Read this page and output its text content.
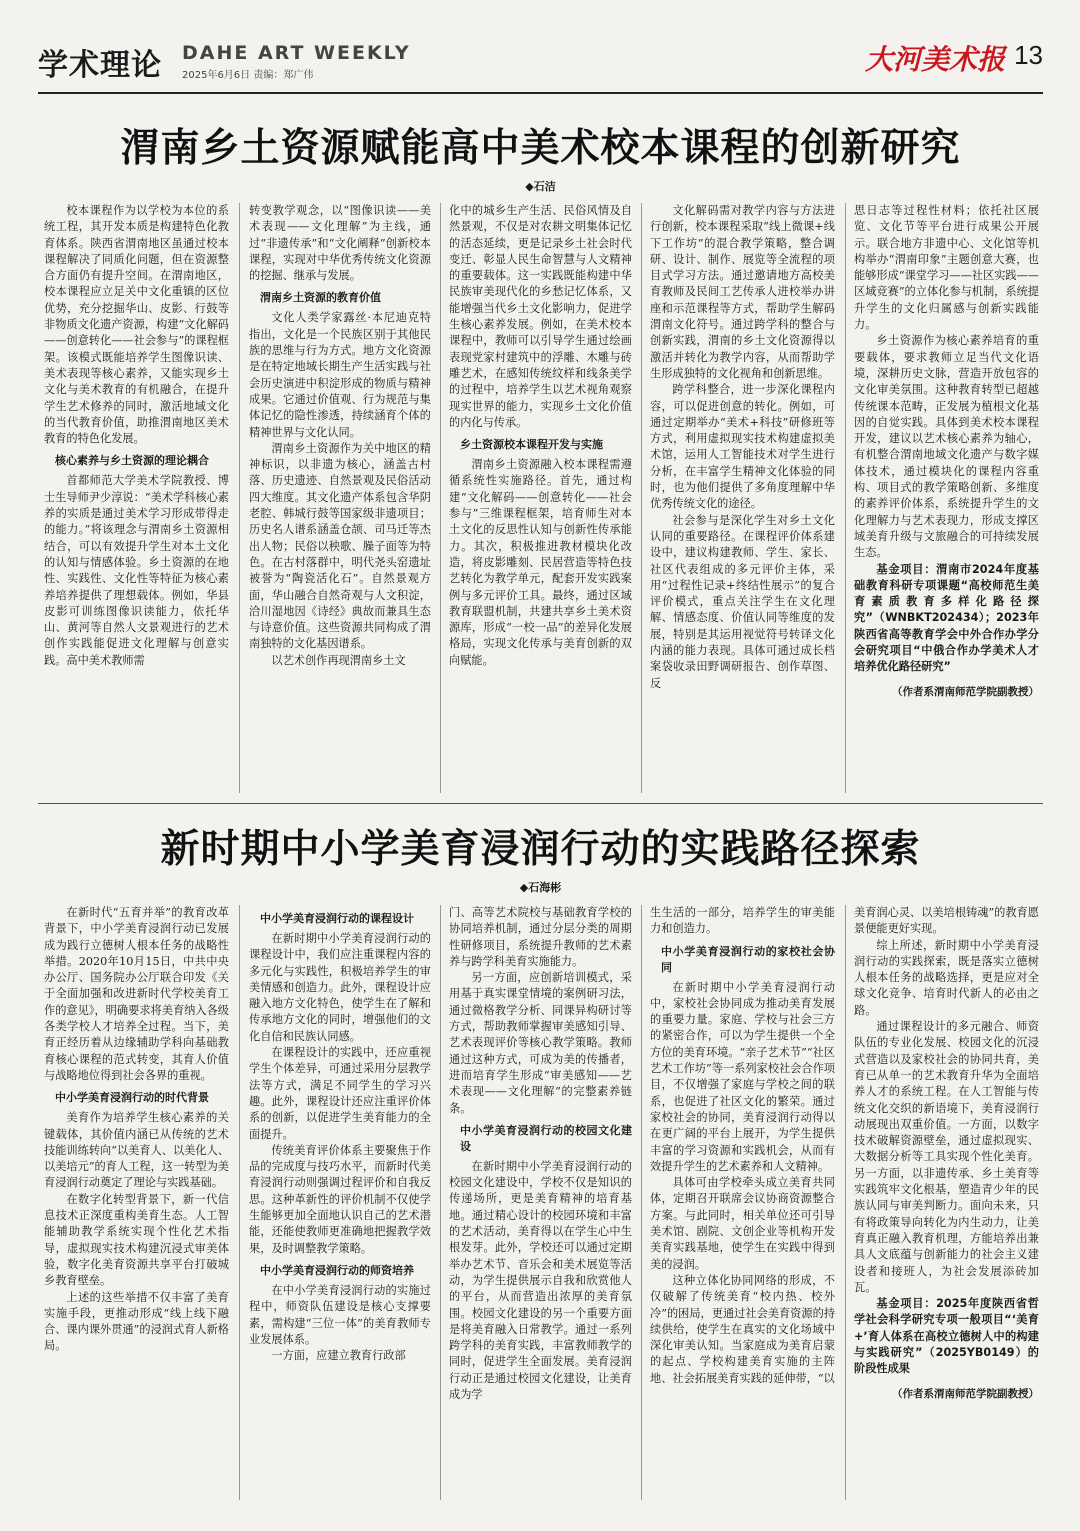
学术理论 DAHE ART WEEKLY
2025年6月6日 责编：郑广伟	大河美术报 13
渭南乡土资源赋能高中美术校本课程的创新研究
◆石洁

校本课程作为以学校为本位的系统工程，其开发本质是构建特色化教育体系。陕西省渭南地区虽通过校本课程解决了同质化问题，但在资源整合方面仍有提升空间。在渭南地区，校本课程应立足关中文化重镇的区位优势，充分挖掘华山、皮影、行鼓等非物质文化遗产资源，构建“文化解码——创意转化——社会参与”的课程框架。该模式既能培养学生图像识读、美术表现等核心素养，又能实现乡土文化与美术教育的有机融合，在提升学生艺术修养的同时，激活地域文化的当代教育价值，助推渭南地区美术教育的特色化发展。

核心素养与乡土资源的理论耦合

首都师范大学美术学院教授、博士生导师尹少淳说：“美术学科核心素养的实质是通过美术学习形成带得走的能力。”将该理念与渭南乡土资源相结合，可以有效提升学生对本土文化的认知与情感体验。乡土资源的在地性、实践性、文化性等特征为核心素养培养提供了理想载体。例如，华县皮影可训练图像识读能力，依托华山、黄河等自然人文景观进行的艺术创作实践能促进文化理解与创意实践。高中美术教师需

转变教学观念，以“图像识读——美术表现——文化理解”为主线，通过“非遗传承”和“文化阐释”创新校本课程，实现对中华优秀传统文化资源的挖掘、继承与发展。

渭南乡土资源的教育价值

文化人类学家露丝·本尼迪克特指出，文化是一个民族区别于其他民族的思维与行为方式。地方文化资源是在特定地域长期生产生活实践与社会历史演进中积淀形成的物质与精神成果。它通过价值观、行为规范与集体记忆的隐性渗透，持续涵育个体的精神世界与文化认同。

渭南乡土资源作为关中地区的精神标识，以非遗为核心，涵盖古村落、历史遗迹、自然景观及民俗活动四大维度。其文化遗产体系包含华阴老腔、韩城行鼓等国家级非遗项目；历史名人谱系涵盖仓颉、司马迁等杰出人物；民俗以秧歌、臊子面等为特色。在古村落群中，明代尧头窑遗址被誉为“陶瓷活化石”。自然景观方面，华山融合自然奇观与人文积淀，洽川湿地因《诗经》典故而兼具生态与诗意价值。这些资源共同构成了渭南独特的文化基因谱系。

以艺术创作再现渭南乡土文

化中的城乡生产生活、民俗风情及自然景观，不仅是对农耕文明集体记忆的活态延续，更是记录乡土社会时代变迁、彰显人民生命智慧与人文精神的重要载体。这一实践既能构建中华民族审美现代化的乡愁记忆体系，又能增强当代乡土文化影响力，促进学生核心素养发展。例如，在美术校本课程中，教师可以引导学生通过绘画表现党家村建筑中的浮雕、木雕与砖雕艺术，在感知传统纹样和线条美学的过程中，培养学生以艺术视角观察现实世界的能力，实现乡土文化价值的内化与传承。

乡土资源校本课程开发与实施

渭南乡土资源融入校本课程需遵循系统性实施路径。首先，通过构建“文化解码——创意转化——社会参与”三维课程框架，培育师生对本土文化的反思性认知与创新性传承能力。其次，积极推进教材模块化改造，将皮影雕刻、民居营造等特色技艺转化为教学单元，配套开发实践案例与多元评价工具。最终，通过区域教育联盟机制，共建共享乡土美术资源库，形成“一校一品”的差异化发展格局，实现文化传承与美育创新的双向赋能。

文化解码需对教学内容与方法进行创新，校本课程采取“线上微课+线下工作坊”的混合教学策略，整合调研、设计、制作、展览等全流程的项目式学习方法。通过邀请地方高校美育教师及民间工艺传承人进校举办讲座和示范课程等方式，帮助学生解码渭南文化符号。通过跨学科的整合与创新实践，渭南的乡土文化资源得以激活并转化为教学内容，从而帮助学生形成独特的文化视角和创新思维。

跨学科整合，进一步深化课程内容，可以促进创意的转化。例如，可通过定期举办“美术+科技”研修班等方式，利用虚拟现实技术构建虚拟美术馆，运用人工智能技术对学生进行分析，在丰富学生精神文化体验的同时，也为他们提供了多角度理解中华优秀传统文化的途径。

社会参与是深化学生对乡土文化认同的重要路径。在课程评价体系建设中，建议构建教师、学生、家长、社区代表组成的多元评价主体，采用“过程性记录+终结性展示”的复合评价模式，重点关注学生在文化理解、情感态度、价值认同等维度的发展，特别是其运用视觉符号转译文化内涵的能力表现。具体可通过成长档案袋收录田野调研报告、创作草图、反

思日志等过程性材料；依托社区展览、文化节等平台进行成果公开展示。联合地方非遗中心、文化馆等机构举办“渭南印象”主题创意大赛，也能够形成“课堂学习——社区实践——区域竞赛”的立体化参与机制，系统提升学生的文化归属感与创新实践能力。

乡土资源作为核心素养培育的重要载体，要求教师立足当代文化语境，深耕历史文脉，营造开放包容的文化审美氛围。这种教育转型已超越传统课本范畴，正发展为植根文化基因的自觉实践。具体到美术校本课程开发，建议以艺术核心素养为轴心，有机整合渭南地域文化遗产与数字媒体技术，通过模块化的课程内容重构、项目式的教学策略创新、多维度的素养评价体系，系统提升学生的文化理解力与艺术表现力，形成支撑区域美育升级与文旅融合的可持续发展生态。

基金项目：渭南市2024年度基础教育科研专项课题“高校师范生美育素质教育多样化路径探究”（WNBKT202434）；2023年陕西省高等教育学会中外合作办学分会研究项目“中俄合作办学美术人才培养优化路径研究”

（作者系渭南师范学院副教授）

新时期中小学美育浸润行动的实践路径探索
◆石海彬

在新时代“五育并举”的教育改革背景下，中小学美育浸润行动已发展成为践行立德树人根本任务的战略性举措。2020年10月15日，中共中央办公厅、国务院办公厅联合印发《关于全面加强和改进新时代学校美育工作的意见》，明确要求将美育纳入各级各类学校人才培养全过程。当下，美育正经历着从边缘辅助学科向基础教育核心课程的范式转变，其育人价值与战略地位得到社会各界的重视。

中小学美育浸润行动的时代背景

美育作为培养学生核心素养的关键载体，其价值内涵已从传统的艺术技能训练转向“以美育人、以美化人、以美培元”的育人工程，这一转型为美育浸润行动奠定了理论与实践基础。

在数字化转型背景下，新一代信息技术正深度重构美育生态。人工智能辅助教学系统实现个性化艺术指导，虚拟现实技术构建沉浸式审美体验，数字化美育资源共享平台打破城乡教育壁垒。

上述的这些举措不仅丰富了美育实施手段，更推动形成“线上线下融合、课内课外贯通”的浸润式育人新格局。

中小学美育浸润行动的课程设计

在新时期中小学美育浸润行动的课程设计中，我们应注重课程内容的多元化与实践性，积极培养学生的审美情感和创造力。此外，课程设计应融入地方文化特色，使学生在了解和传承地方文化的同时，增强他们的文化自信和民族认同感。

在课程设计的实践中，还应重视学生个体差异，可通过采用分层教学法等方式，满足不同学生的学习兴趣。此外，课程设计还应注重评价体系的创新，以促进学生美育能力的全面提升。

传统美育评价体系主要聚焦于作品的完成度与技巧水平，而新时代美育浸润行动则强调过程评价和自我反思。这种革新性的评价机制不仅使学生能够更加全面地认识自己的艺术潜能，还能使教师更准确地把握教学效果，及时调整教学策略。

中小学美育浸润行动的师资培养

在中小学美育浸润行动的实施过程中，师资队伍建设是核心支撑要素，需构建“三位一体”的美育教师专业发展体系。

一方面，应建立教育行政部

门、高等艺术院校与基础教育学校的协同培养机制，通过分层分类的周期性研修项目，系统提升教师的艺术素养与跨学科美育实施能力。

另一方面，应创新培训模式，采用基于真实课堂情境的案例研习法，通过微格教学分析、同课异构研讨等方式，帮助教师掌握审美感知引导、艺术表现评价等核心教学策略。教师通过这种方式，可成为美的传播者，进而培育学生形成“审美感知——艺术表现——文化理解”的完整素养链条。

中小学美育浸润行动的校园文化建设

在新时期中小学美育浸润行动的校园文化建设中，学校不仅是知识的传递场所，更是美育精神的培育基地。通过精心设计的校园环境和丰富的艺术活动，美育得以在学生心中生根发芽。此外，学校还可以通过定期举办艺术节、音乐会和美术展览等活动，为学生提供展示自我和欣赏他人的平台，从而营造出浓厚的美育氛围。校园文化建设的另一个重要方面是将美育融入日常教学。通过一系列跨学科的美育实践，丰富教师教学的同时，促进学生全面发展。美育浸润行动正是通过校园文化建设，让美育成为学

生生活的一部分，培养学生的审美能力和创造力。

中小学美育浸润行动的家校社会协同

在新时期中小学美育浸润行动中，家校社会协同成为推动美育发展的重要力量。家庭、学校与社会三方的紧密合作，可以为学生提供一个全方位的美育环境。“亲子艺术节”“社区艺术工作坊”等一系列家校社会合作项目，不仅增强了家庭与学校之间的联系，也促进了社区文化的繁荣。通过家校社会的协同，美育浸润行动得以在更广阔的平台上展开，为学生提供丰富的学习资源和实践机会，从而有效提升学生的艺术素养和人文精神。

具体可由学校牵头成立美育共同体，定期召开联席会议协商资源整合方案。与此同时，相关单位还可引导美术馆、剧院、文创企业等机构开发美育实践基地，使学生在实践中得到美的浸润。

这种立体化协同网络的形成，不仅破解了传统美育“校内热、校外冷”的困局，更通过社会美育资源的持续供给，使学生在真实的文化场域中深化审美认知。当家庭成为美育启蒙的起点、学校构建美育实施的主阵地、社会拓展美育实践的延伸带，“以

美育润心灵、以美培根铸魂”的教育愿景便能更好实现。

综上所述，新时期中小学美育浸润行动的实践探索，既是落实立德树人根本任务的战略选择，更是应对全球文化竞争、培育时代新人的必由之路。

通过课程设计的多元融合、师资队伍的专业化发展、校园文化的沉浸式营造以及家校社会的协同共育，美育已从单一的艺术教育升华为全面培养人才的系统工程。在人工智能与传统文化交织的新语境下，美育浸润行动展现出双重价值。一方面，以数字技术破解资源壁垒，通过虚拟现实、大数据分析等工具实现个性化美育。另一方面，以非遗传承、乡土美育等实践筑牢文化根基，塑造青少年的民族认同与审美判断力。面向未来，只有将政策导向转化为内生动力，让美育真正融入教育机理，方能培养出兼具人文底蕴与创新能力的社会主义建设者和接班人，为社会发展添砖加瓦。

基金项目：2025年度陕西省哲学社会科学研究专项一般项目“‘美育+’育人体系在高校立德树人中的构建与实践研究”（2025YB0149）的阶段性成果

（作者系渭南师范学院副教授）
